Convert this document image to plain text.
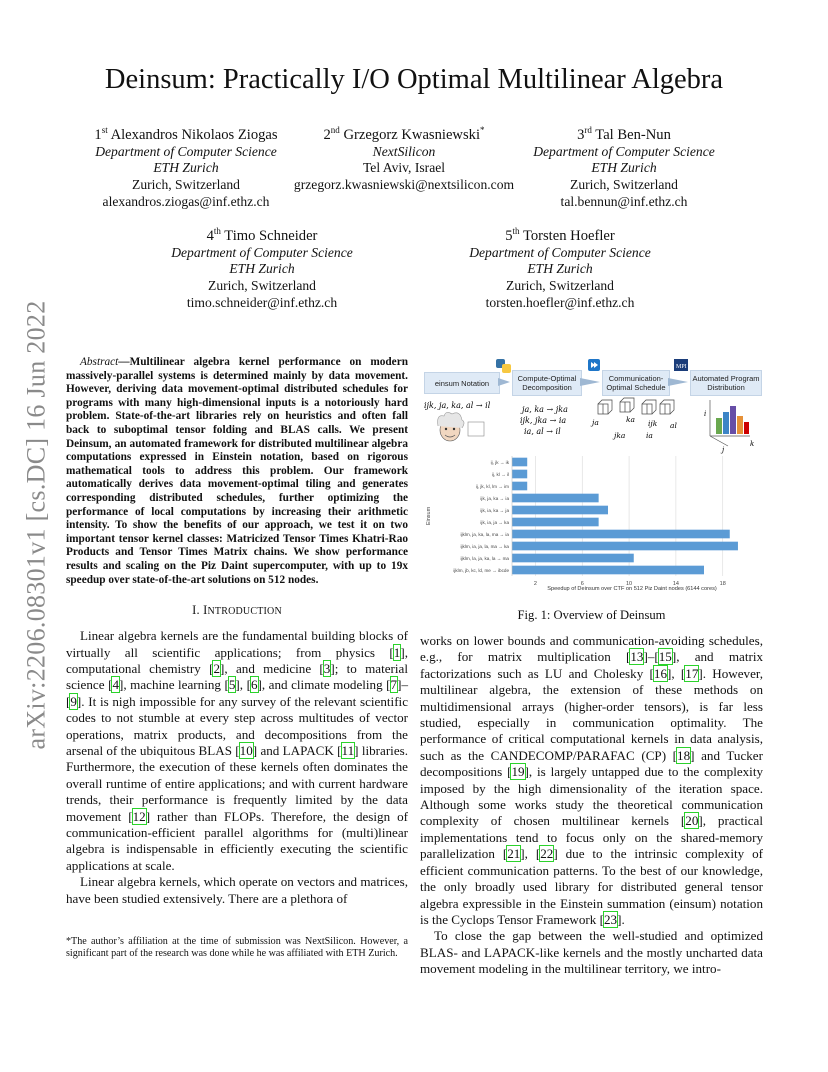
arXiv:2206.08301v1 [cs.DC] 16 Jun 2022
Deinsum: Practically I/O Optimal Multilinear Algebra
1st Alexandros Nikolaos Ziogas
Department of Computer Science
ETH Zurich
Zurich, Switzerland
alexandros.ziogas@inf.ethz.ch
2nd Grzegorz Kwasniewski*
NextSilicon
Tel Aviv, Israel
grzegorz.kwasniewski@nextsilicon.com
3rd Tal Ben-Nun
Department of Computer Science
ETH Zurich
Zurich, Switzerland
tal.bennun@inf.ethz.ch
4th Timo Schneider
Department of Computer Science
ETH Zurich
Zurich, Switzerland
timo.schneider@inf.ethz.ch
5th Torsten Hoefler
Department of Computer Science
ETH Zurich
Zurich, Switzerland
torsten.hoefler@inf.ethz.ch

Abstract—Multilinear algebra kernel performance on modern massively-parallel systems is determined mainly by data movement. However, deriving data movement-optimal distributed schedules for programs with many high-dimensional inputs is a notoriously hard problem. State-of-the-art libraries rely on heuristics and often fall back to suboptimal tensor folding and BLAS calls. We present Deinsum, an automated framework for distributed multilinear algebra computations expressed in Einstein notation, based on rigorous mathematical tools to address this problem. Our framework automatically derives data movement-optimal tiling and generates corresponding distributed schedules, further optimizing the performance of local computations by increasing their arithmetic intensity. To show the benefits of our approach, we test it on two important tensor kernel classes: Matricized Tensor Times Khatri-Rao Products and Tensor Times Matrix chains. We show performance results and scaling on the Piz Daint supercomputer, with up to 19x speedup over state-of-the-art solutions on 512 nodes.

I. INTRODUCTION

Linear algebra kernels are the fundamental building blocks of virtually all scientific applications; from physics [1], computational chemistry [2], and medicine [3]; to material science [4], machine learning [5], [6], and climate modeling [7]–[9]. It is nigh impossible for any survey of the relevant scientific codes to not stumble at every step across multitudes of vector operations, matrix products, and decompositions from the arsenal of the ubiquitous BLAS [10] and LAPACK [11] libraries. Furthermore, the execution of these kernels often dominates the overall runtime of entire applications; and with current hardware trends, their performance is frequently limited by the data movement [12] rather than FLOPs. Therefore, the design of communication-efficient parallel algorithms for (multi)linear algebra is indispensable in efficiently executing the scientific applications at scale.

Linear algebra kernels, which operate on vectors and matrices, have been studied extensively. There are a plethora of

*The author’s affiliation at the time of submission was NextSilicon. However, a significant part of the research was done while he was affiliated with ETH Zurich.
einsum Notation	Compute-Optimal Decomposition
Communication-Optimal Schedule
Automated Program Distribution
MPI
ijk, ja, ka, al → il	ja, ka → jka
ijk, jka → ia
ia, al → il
ja	ka ijk al
jka	ia
i
j
k
2	6	10	14	18
ij, jk → ik
ij, kl → il
ij, jk, kl, lm → im
ijk, ja, ka → ia
ijk, ia, ka → ja
ijk, ia, ja → ka
ijklm, ja, ka, la, ma → ia
ijklm, ia, ja, la, ma → ka
ijklm, la, ja, ka, la → ma
ijklm, jb, kc, ld, me → ibcde
Einsum
Speedup of Deinsum over CTF on 512 Piz Daint nodes (6144 cores)
Fig. 1: Overview of Deinsum

works on lower bounds and communication-avoiding schedules, e.g., for matrix multiplication [13]–[15], and matrix factorizations such as LU and Cholesky [16], [17]. However, multilinear algebra, the extension of these methods on multidimensional arrays (higher-order tensors), is far less studied, especially in communication optimality. The performance of critical computational kernels in data analysis, such as the CANDECOMP/PARAFAC (CP) [18] and Tucker decompositions [19], is largely untapped due to the complexity imposed by the high dimensionality of the iteration space. Although some works study the theoretical communication complexity of chosen multilinear kernels [20], practical implementations tend to focus only on the shared-memory parallelization [21], [22] due to the intrinsic complexity of efficient communication patterns. To the best of our knowledge, the only broadly used library for distributed general tensor algebra expressible in the Einstein summation (einsum) notation is the Cyclops Tensor Framework [23].

To close the gap between the well-studied and optimized BLAS- and LAPACK-like kernels and the mostly uncharted data movement modeling in the multilinear territory, we intro-
